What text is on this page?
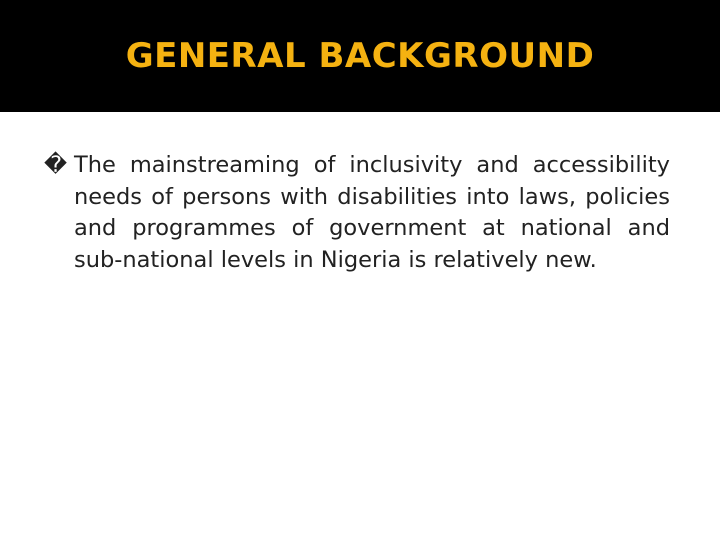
GENERAL BACKGROUND
� The mainstreaming of inclusivity and accessibility needs of persons with disabilities into laws, policies and programmes of government at national and sub-national levels in Nigeria is relatively new.
